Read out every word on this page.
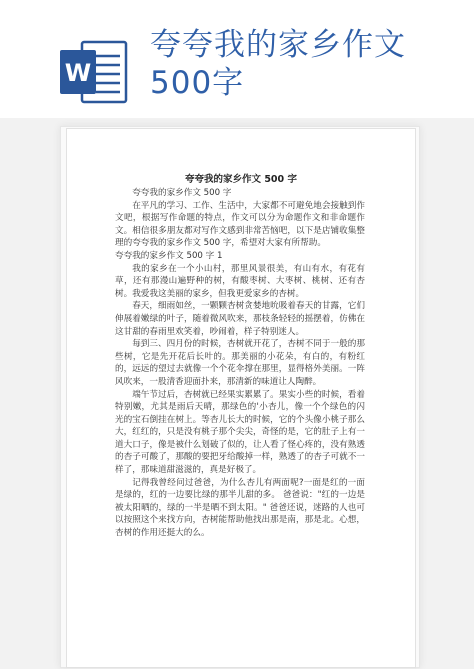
W
夸夸我的家乡作文
500字
夸夸我的家乡作文 500 字

夸夸我的家乡作文 500 字

在平凡的学习、工作、生活中，大家都不可避免地会接触到作文吧，根据写作命题的特点，作文可以分为命题作文和非命题作文。相信很多朋友都对写作文感到非常苦恼吧，以下是店铺收集整理的夸夸我的家乡作文 500 字，希望对大家有所帮助。

夸夸我的家乡作文 500 字 1

我的家乡在一个小山村，那里风景很美，有山有水，有花有草，还有那漫山遍野种的树，有酸枣树、大枣树、桃树、还有杏树。我爱我这美丽的家乡，但我更爱家乡的杏树。

春天，细雨如丝，一颗颗杏树贪婪地吮吸着春天的甘露，它们伸展着嫩绿的叶子，随着微风吹来，那枝条轻轻的摇摆着，仿佛在这甘甜的春雨里欢笑着，吵闹着，样子特别迷人。

每到三、四月份的时候，杏树就开花了，杏树不同于一般的那些树，它是先开花后长叶的。那美丽的小花朵，有白的，有粉红的，远远的望过去就像一个个花伞撑在那里，显得格外美丽。一阵风吹来，一股清香迎面扑来，那清新的味道让人陶醉。

端午节过后，杏树就已经果实累累了。果实小些的时候，看着特别嫩，尤其是雨后天晴，那绿色的'小杏儿，像一个个绿色的闪光的宝石倒挂在树上。等杏儿长大的时候，它的个头像小桃子那么大，红红的，只是没有桃子那个尖尖，奇怪的是，它的肚子上有一道大口子，像是被什么划破了似的，让人看了怪心疼的，没有熟透的杏子可酸了，那酸的要把牙给酸掉一样，熟透了的杏子可就不一样了，那味道甜滋滋的，真是好极了。

记得我曾经问过爸爸，为什么杏儿有两面呢?一面是红的一面是绿的，红的一边要比绿的那半儿甜的多。 爸爸说："红的一边是被太阳晒的，绿的一半是晒不到太阳。" 爸爸还说，迷路的人也可以按照这个来找方向，杏树能帮助他找出那是南，那是北。心想，杏树的作用还挺大的么。
